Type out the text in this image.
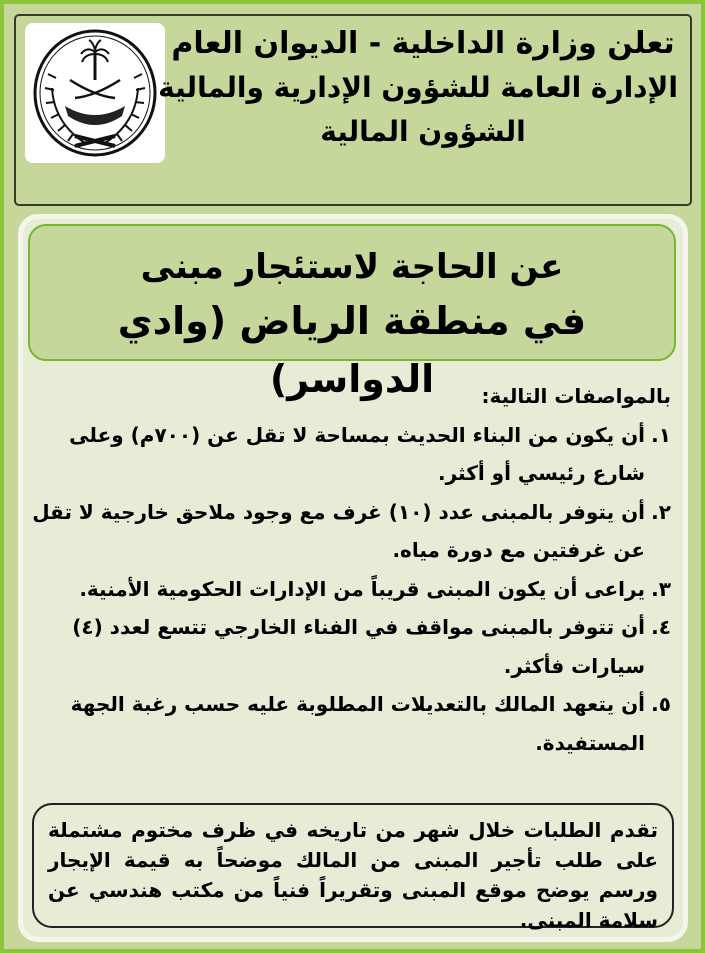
تعلن وزارة الداخلية - الديوان العام
الإدارة العامة للشؤون الإدارية والمالية
الشؤون المالية
عن الحاجة لاستئجار مبنى
في منطقة الرياض (وادي الدواسر)	بالمواصفات التالية:

١.
أن يكون من البناء الحديث بمساحة لا تقل عن (٧٠٠م) وعلى شارع رئيسي أو أكثر.
٢.
أن يتوفر بالمبنى عدد (١٠) غرف مع وجود ملاحق خارجية لا تقل عن غرفتين مع دورة مياه.
٣.
يراعى أن يكون المبنى قريباً من الإدارات الحكومية الأمنية.
٤.
أن تتوفر بالمبنى مواقف في الفناء الخارجي تتسع لعدد (٤) سيارات فأكثر.
٥.
أن يتعهد المالك بالتعديلات المطلوبة عليه حسب رغبة الجهة المستفيدة.
تقدم الطلبات خلال شهر من تاريخه في ظرف مختوم مشتملة على طلب تأجير المبنى من المالك موضحاً به قيمة الإيجار ورسم يوضح موقع المبنى وتقريراً فنياً من مكتب هندسي عن سلامة المبنى.
